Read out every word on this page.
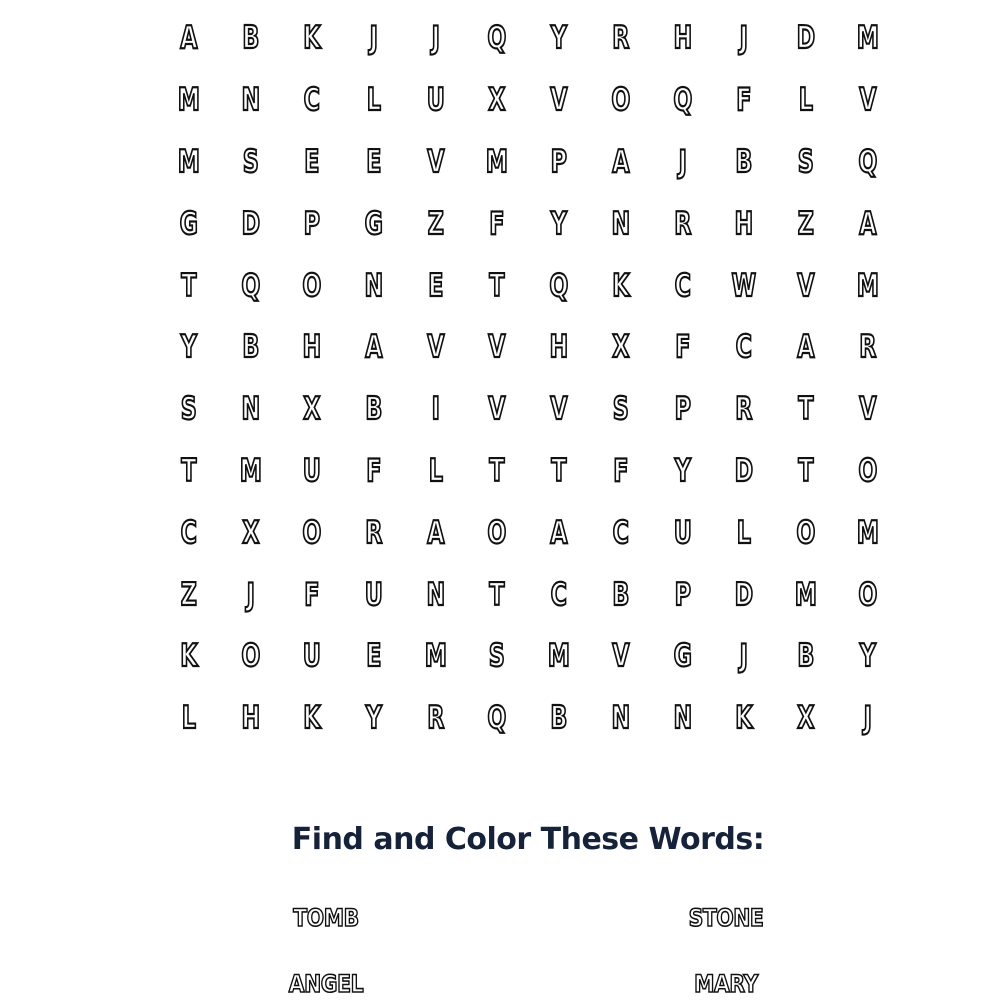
A	B	K	J	J	Q	Y	R	H	J	D	M
M	N	C	L	U	X	V	O	Q	F	L	V
M	S	E	E	V	M	P	A	J	B	S	Q
G	D	P	G	Z	F	Y	N	R	H	Z	A
T	Q	O	N	E	T	Q	K	C	W	V	M
Y	B	H	A	V	V	H	X	F	C	A	R
S	N	X	B	I	V	V	S	P	R	T	V
T	M	U	F	L	T	T	F	Y	D	T	O
C	X	O	R	A	O	A	C	U	L	O	M
Z	J	F	U	N	T	C	B	P	D	M	O
K	O	U	E	M	S	M	V	G	J	B	Y
L	H	K	Y	R	Q	B	N	N	K	X	J
Find and Color These Words:
TOMB	STONE
ANGEL	MARY
